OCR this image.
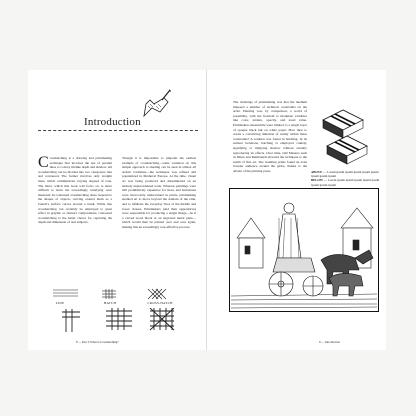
Introduction

Crosshatching is a drawing and printmaking technique that involves the use of parallel lines to convey lifelike depth and shadow. All crosshatching can be divided into two categories: line and contoured. The former involves only straight lines, which communicate varying degrees of tone. The latter, which this book will focus on, is more difficult to learn but exceedingly satisfying once mastered. In contoured crosshatching, lines respond to the shapes of objects, curving around them as a branch's surface curves around a trunk. While line crosshatching can certainly be employed to great effect in graphic or abstract compositions, contoured crosshatching is the better choice for capturing the depth and dimension of real subjects.

Though it is impossible to pinpoint the earliest example of crosshatching—some variation on this simple approach to shading can be seen in almost all artistic traditions—the technique was refined and popularized in Medieval Europe. At the time, visual art was being produced and disseminated on an entirely unprecedented scale. Whereas paintings were still prohibitively expensive for most, and barbarians were irrevocably undervalued in prints, printmaking enabled art to move beyond the domain of the elite, and to infiltrate the everyday lives of the middle and lower classes. Printmakers (and their apprentices) were responsible for producing a single image—be it a carved wood block or an engraved metal plate—which would then be printed over and over again, making this an exceedingly cost-effective process.

LINE	HATCH	CROSS-HATCH
8 — Part I: What is Crosshatching?

The challenge of printmaking was that the medium imposed a number of technical constraints on the artist. Painting was, by comparison, a world of possibility, with the freedom to modulate variables like color, texture, opacity, and tonal value. Printmakers meanwhile were limited to a single layer of opaque black ink on white paper. How then to create a convincing imitation of reality within these constraints? A solution was found in hatching. In its earliest iterations, hatching is employed crudely, signifying or implying shadow without actually reproducing its effects. Over time, Old Masters such as Dürer and Rembrandt elevated the technique to the realm of fine art. The resulting prints found an even broader audience around the globe, thanks to the advent of the printing press.	ABOVE — Lorem ipsum ipsum ipsum ipsum ipsum ipsum ipsum ipsum
BELOW — Lorem ipsum ipsum ipsum ipsum ipsum ipsum ipsum ipsum
9 — Introduction
